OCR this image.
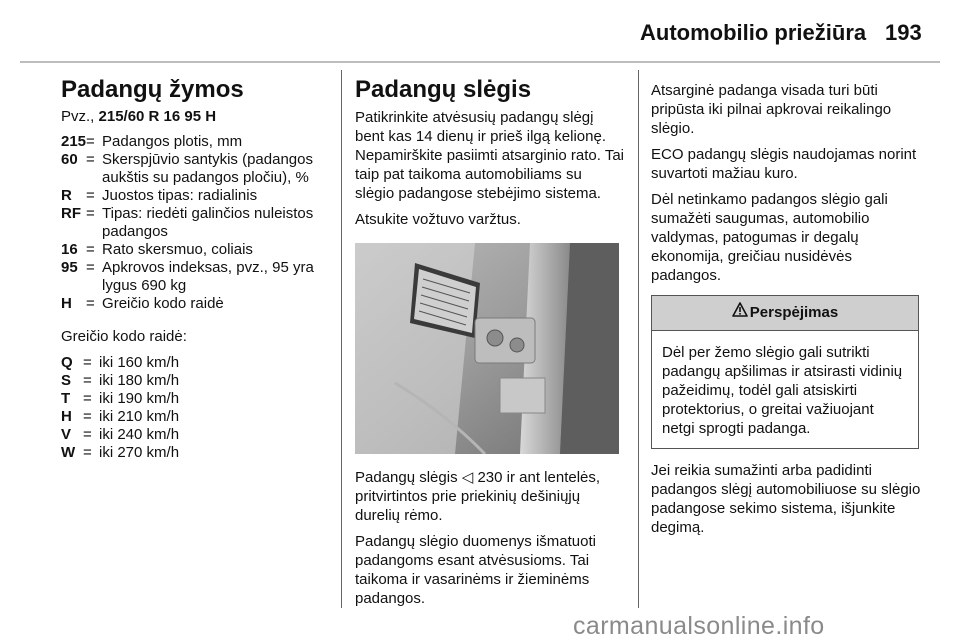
Automobilio priežiūra 193
Padangų žymos

Pvz., 215/60 R 16 95 H

215	=	Padangos plotis, mm
60	=	Skerspjūvio santykis (padangos aukštis su padangos pločiu), %
R	=	Juostos tipas: radialinis
RF	=	Tipas: riedėti galinčios nuleistos padangos
16	=	Rato skersmuo, coliais
95	=	Apkrovos indeksas, pvz., 95 yra lygus 690 kg
H	=	Greičio kodo raidė

Greičio kodo raidė:

Q	=	iki 160 km/h
S	=	iki 180 km/h
T	=	iki 190 km/h
H	=	iki 210 km/h
V	=	iki 240 km/h
W	=	iki 270 km/h
Padangų slėgis

Patikrinkite atvėsusių padangų slėgį bent kas 14 dienų ir prieš ilgą kelionę. Nepamirškite pasiimti atsarginio rato. Tai taip pat taikoma automobiliams su slėgio padangose stebėjimo sistema.

Atsukite vožtuvo varžtus.

Padangų slėgis ◁ 230 ir ant lentelės, pritvirtintos prie priekinių dešiniųjų durelių rėmo.

Padangų slėgio duomenys išmatuoti padangoms esant atvėsusioms. Tai taikoma ir vasarinėms ir žieminėms padangos.

Atsarginė padanga visada turi būti pripūsta iki pilnai apkrovai reikalingo slėgio.

ECO padangų slėgis naudojamas norint suvartoti mažiau kuro.

Dėl netinkamo padangos slėgio gali sumažėti saugumas, automobilio valdymas, patogumas ir degalų ekonomija, greičiau nusidėvės padangos.

Perspėjimas
Dėl per žemo slėgio gali sutrikti padangų apšilimas ir atsirasti vidinių pažeidimų, todėl gali atsiskirti protektorius, o greitai važiuojant netgi sprogti padanga.

Jei reikia sumažinti arba padidinti padangos slėgį automobiliuose su slėgio padangose sekimo sistema, išjunkite degimą.

carmanualsonline.info
